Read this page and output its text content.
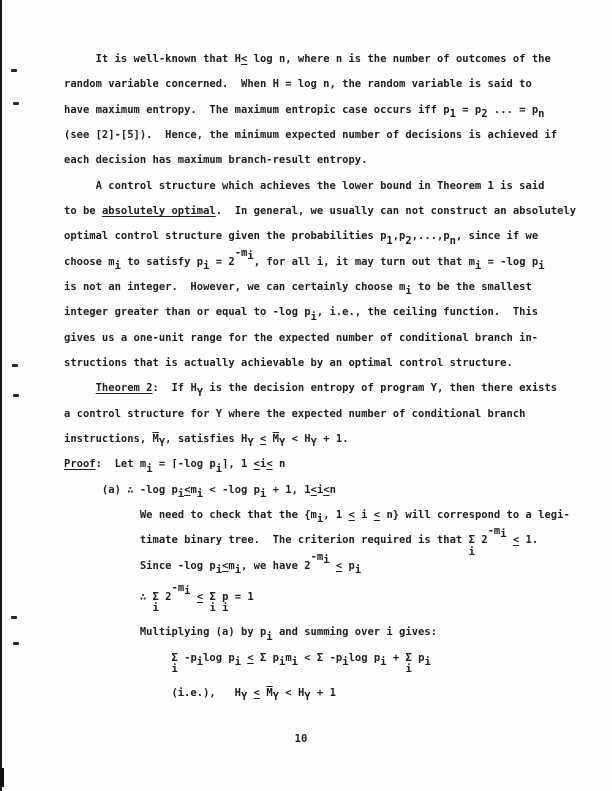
It is well-known that H< log n, where n is the number of outcomes of the
random variable concerned.  When H = log n, the random variable is said to
have maximum entropy.  The maximum entropic case occurs iff p1 = p2 ... = pn
(see [2]-[5]).  Hence, the minimum expected number of decisions is achieved if
each decision has maximum branch-result entropy.
A control structure which achieves the lower bound in Theorem 1 is said
to be absolutely optimal.  In general, we usually can not construct an absolutely
optimal control structure given the probabilities p1,p2,...,pn, since if we
choose mi to satisfy pi = 2-mi, for all i, it may turn out that mi = -log pi
is not an integer.  However, we can certainly choose mi to be the smallest
integer greater than or equal to -log pi, i.e., the ceiling function.  This
gives us a one-unit range for the expected number of conditional branch in-
structions that is actually achievable by an optimal control structure.
Theorem 2:  If HY is the decision entropy of program Y, then there exists
a control structure for Y where the expected number of conditional branch
instructions, $\overline{M}Y$, satisfies HY < $\overline{M}Y$ < HY + 1.
Proof:  Let mi = ⌈-log pi⌉, 1 <i< n
(a) ∴ -log pi<mi < -log pi + 1, 1<i<n
We need to check that the {mi, 1 < i < n} will correspond to a legi-
timate binary tree.  The criterion required is that Σ
i
2-mi < 1.
Since -log pi<mi, we have 2-mi < pi
∴ Σ
i
2-mi < Σ
i
p
i
= 1
Multiplying (a) by pi and summing over i gives:
Σ
i
-pilog pi < Σ pimi < Σ -pilog pi + Σ
i
pi
(i.e.),   HY < $\overline{M}Y$ < HY + 1
10
